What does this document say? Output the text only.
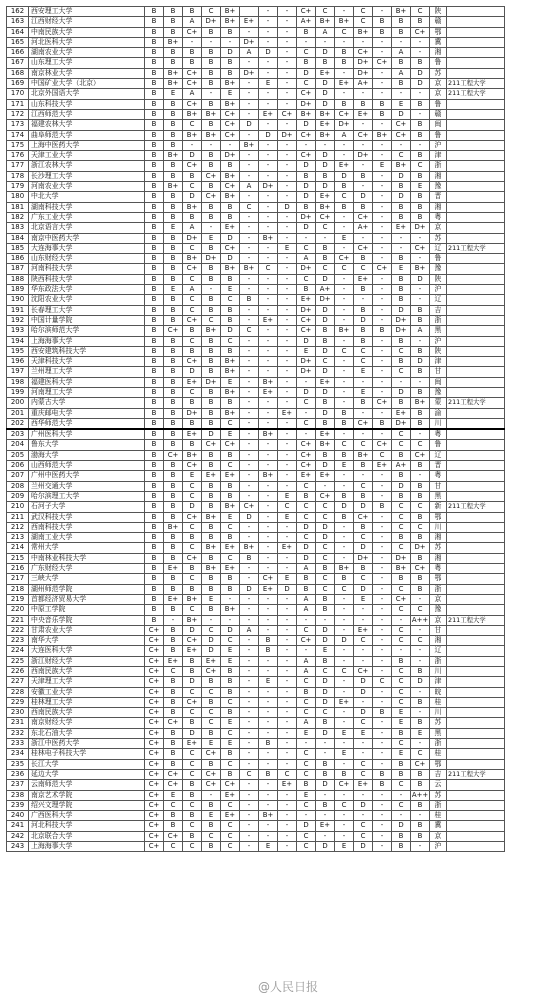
162	西安理工大学	B	B	B	C	B+		-	-	C+	C	-	C	-	B+	C	陕	
163	江西财经大学	B	B	A	D+	B+	E+	-	-	A+	B+	B+	C	B	B	B	赣	
164	中南民族大学	B	B	C+	B	B	-	-	-	B	A	C	B+	B	B	C+	鄂	
165	河北医科大学	B	B+	-	-	-	D+	-	-	-	-	-	-	-	-	-	冀	
166	湖南农业大学	B	B	B	B	D	A	D	-	C	D	B	C+	-	A	-	湘	
167	山东理工大学	B	B	B	B	B	-	-	-	B	B	B	D+	C+	B	B	鲁	
168	南京林业大学	B	B+	C+	B	B	D+	-	-	D	E+	-	D+	-	A	D	苏	
169	中国矿业大学（北京）	B	B+	C+	B	B+	-	E	-	C	D	E+	A+	-	B	D	京	211工程大学
170	北京外国语大学	B	E	A	-	E	-	-	-	C+	D	-	-	-	-	-	京	211工程大学
171	山东科技大学	B	B	C+	B	B+	-	-	-	D+	D	B	B	B	E	B	鲁	
172	江西师范大学	B	B	B+	B+	C+	-	E+	C+	B+	B+	C+	E+	B	D	-	赣	
173	福建农林大学	B	B	C	B	C+	D	-	-	D	E+	D+	-	-	C+	B	闽	
174	曲阜师范大学	B	B	B+	B+	C+	-	D	D+	C+	B+	A	C+	B+	C+	B	鲁	
175	上海中医药大学	B	B	-	-	-	B+	-	-	-	-	-	-	-	-	-	沪	
176	天津工业大学	B	B+	D	B	D+	-	-	-	C+	D	-	D+	-	C	B	津	
177	浙江农林大学	B	B	C+	B	B	-	-	-	D	D	E+	-	E	B+	C	浙	
178	长沙理工大学	B	B	B	C+	B+	-	-	-	B	B	D	B	-	D	B	湘	
179	河南农业大学	B	B+	C	B	C+	A	D+	-	D	D	B	-	-	B	E	豫	
180	中北大学	B	B	D	C+	B+	-	-	-	D	E+	C	D	-	D	B	晋	
181	湖南科技大学	B	B	B+	B	B	C	-	D	B	B+	B	B	-	B	B	湘	
182	广东工业大学	B	B	B	B	B	-	-	-	D+	C+	-	C+	-	B	B	粤	
183	北京语言大学	B	E	A	-	E+	-	-	-	D	C	-	A+	-	E+	D+	京	
184	南京中医药大学	B	B	D+	E	D	-	B+	-	-	-	E	-	-	-	-	苏	
185	大连海事大学	B	B	C	B	C+	-	-	E	C	B	-	C+	-	-	C+	辽	211工程大学
186	山东财经大学	B	B	B+	D+	D	-	-	-	A	B	C+	B	-	B	-	鲁	
187	河南科技大学	B	B	C+	B	B+	B+	C	-	D+	C	C	C	C+	E	B+	豫	
188	陕西科技大学	B	B	C	B	B	-	-	-	C	D	-	E+	-	B	D	陕	
189	华东政法大学	B	E	A	-	E	-	-	-	B	A+	-	B	-	B	-	沪	
190	沈阳农业大学	B	B	C	B	C	B	-	-	E+	D+	-	-	-	B	-	辽	
191	长春理工大学	B	B	C	B	B	-	-	-	D+	D	-	B	-	D	B	吉	
192	中国计量学院	B	B	C+	C	B	-	E+	-	C+	D	-	D	-	D+	B	浙	
193	哈尔滨师范大学	B	C+	B	B+	D	C	-	-	C+	B	B+	B	B	D+	A	黑	
194	上海海事大学	B	B	C	B	C	-	-	-	D	B	-	B	-	B	-	沪	
195	西安建筑科技大学	B	B	B	B	B	-	-	-	E	D	C	C	-	C	B	陕	
196	天津科技大学	B	B	C+	B	B+	-	-	-	D+	C	-	C	-	B	D	津	
197	兰州理工大学	B	B	D	B	B+	-	-	-	D+	D	-	E	-	C	B	甘	
198	福建医科大学	B	B	E+	D+	E	-	B+	-	-	E+	-	-	-	-	-	闽	
199	河南理工大学	B	B	C	B	B+	-	E+	-	D	D	-	E	-	D	B	豫	
200	内蒙古大学	B	B	B	B	B	-	-	-	C	B	-	B	C+	B	B+	蒙	211工程大学
201	重庆邮电大学	B	B	D+	B	B+	-	-	E+	-	D	B	-	-	E+	B	渝	
202	西华师范大学	B	B	B	B	C	-	-	-	C	B	B	C+	B	D+	B	川	
203	广州医科大学	B	B	E+	D	E	-	B+	-	-	E+	-	-	-	C	-	粤	
204	鲁东大学	B	B	B	C+	C+	-	-	-	C+	B+	C	C	C+	C	C	鲁	
205	渤海大学	B	C+	B+	B	B	-	-	-	C+	B	B	B+	C	B	C+	辽	
206	山西师范大学	B	B	C+	B	C	-	-	-	C+	D	E	B	E+	A+	B	晋	
207	广州中医药大学	B	B	E	E+	E+	-	B+	-	E+	E+	-	-	-	B	-	粤	
208	兰州交通大学	B	B	C	B	B	-	-	-	C	-	-	C	-	D	B	甘	
209	哈尔滨理工大学	B	B	C	B	B	-	-	E	B	C+	B	B	-	B	B	黑	
210	石河子大学	B	B	D	B	B+	C+	-	C	C	C	D	D	B	C	C	新	211工程大学
211	武汉科技大学	B	B	C+	B+	E	D	-	E	C	C	B	C+	-	C	B	鄂	
212	西南科技大学	B	B+	C	B	C	-	-	-	D	D	-	B	-	C	C	川	
213	湖南工业大学	B	B	B	B	B	-	-	-	C	D	-	C	-	B	B	湘	
214	常州大学	B	B	C	B+	E+	B+	-	E+	D	C	-	D	-	C	D+	苏	
215	中南林业科技大学	B	B	C+	B	C	B	-	-	D	C	-	D+	-	D+	B	湘	
216	广东财经大学	B	E+	B	B+	E+	-	-	-	A	B	B+	B	-	B+	C+	粤	
217	三峡大学	B	B	C	B	B	-	C+	E	B	C	B	C	-	B	B	鄂	
218	湖州师范学院	B	B	B	B	B	D	E+	D	B	C	C	D	-	C	B	浙	
219	首都经济贸易大学	B	E+	B+	E	-	-	-	-	A	B	-	E	-	C+	-	京	
220	中原工学院	B	B	C	B	B+	-	-	-	A	B	-	-	-	C	C	豫	
221	中央音乐学院	B	-	B+	-	-	-	-	-	-	-	-	-	-	-	A++	京	211工程大学
222	甘肃农业大学	C+	B	D	C	D	A	-	-	C	D	-	E+	-	C	-	甘	
223	南华大学	C+	B	C+	D	C	-	B	-	C+	D	D	C	-	C	C	湘	
224	大连医科大学	C+	B	E+	D	E	-	B	-	-	E	-	-	-	-	-	辽	
225	浙江财经大学	C+	E+	B	E+	E	-	-	-	A	B	-	-	-	B	-	浙	
226	西南民族大学	C+	C	B	C+	B	-	-	-	A	C	C	C+	-	C	B	川	
227	天津理工大学	C+	B	D	B	B	-	E	-	C	D	-	D	C	C	D	津	
228	安徽工业大学	C+	B	C	C	B	-	-	-	B	D	-	D	-	C	-	皖	
229	桂林理工大学	C+	B	C+	B	C	-	-	-	C	D	E+	-	-	C	B	桂	
230	西南民族大学	C+	B	C	C	B	-	-	-	C	C	-	D	B	E	-	川	
231	南京财经大学	C+	C+	B	C	E	-	-	-	A	B	-	C	-	E	B	苏	
232	东北石油大学	C+	B	D	B	C	-	-	-	E	D	E	E	-	B	E	黑	
233	浙江中医药大学	C+	B	E+	E	E	-	B	-	-	-	-	-	-	C	-	浙	
234	桂林电子科技大学	C+	B	C	C+	B	-	-	-	C	-	E	-	-	E	C	桂	
235	长江大学	C+	B	C	B	C	-	-	-	C	B	-	C	-	B	C+	鄂	
236	延边大学	C+	C+	C	C+	B	C	B	C	C	B	B	C	B	B	B	吉	211工程大学
237	云南师范大学	C+	C+	B	C+	C+	-	-	E+	B	D	C+	E+	B	C	B	云	
238	南京艺术学院	C+	E	B	-	E+	-	-	-	E	-	-	-	-	-	A++	苏	
239	绍兴文理学院	C+	C	C	B	C	-	-	-	C	B	C	D	-	C	B	浙	
240	广西医科大学	C+	B	B	E	E+	-	B+	-	-	-	-	-	-	-	-	桂	
241	河北科技大学	C+	B	C	B	C	-	-	-	D	E+	-	C	-	D	B	冀	
242	北京联合大学	C+	C+	B	C	C	-	-	-	C	-	-	C	-	B	B	京	
243	上海海事大学	C+	C	C	B	C	-	E	-	C	D	E	D	-	B	-	沪	
@人民日报
